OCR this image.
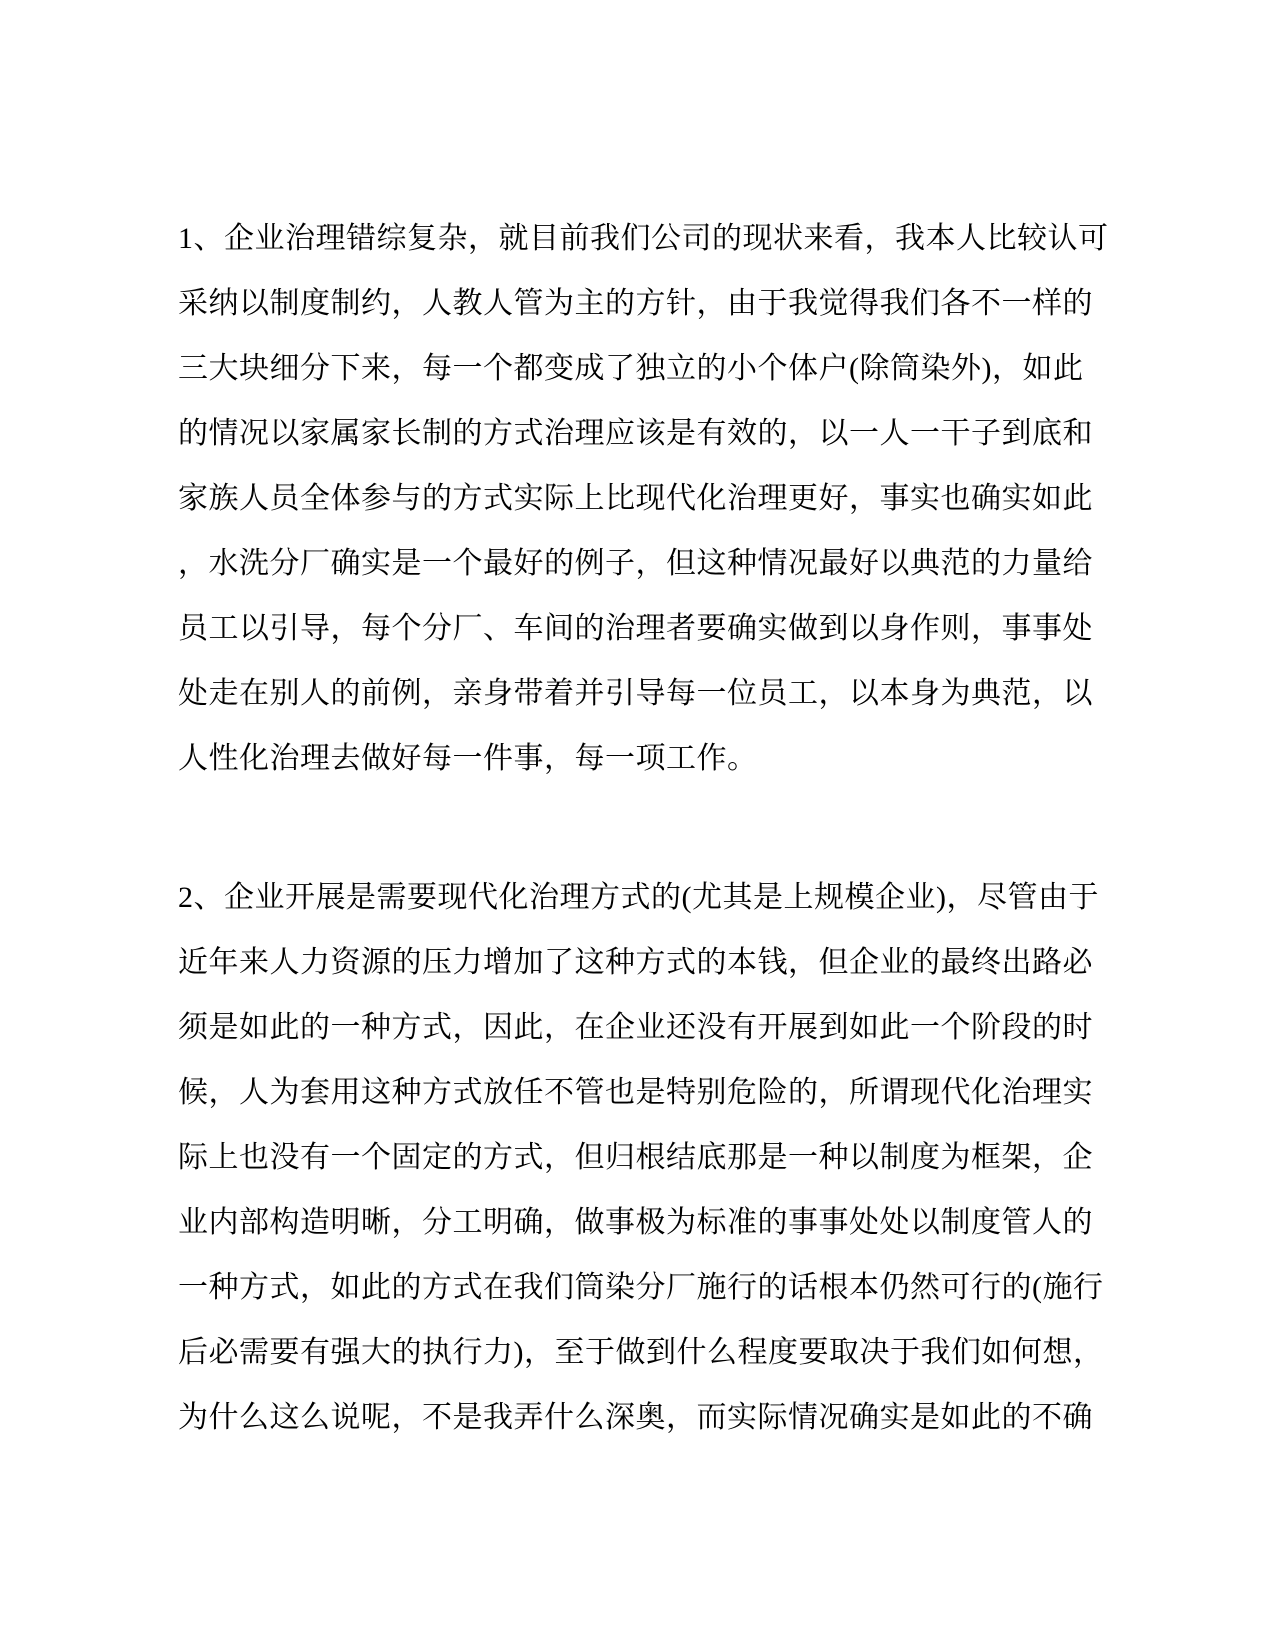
1、企业治理错综复杂，就目前我们公司的现状来看，我本人比较认可
采纳以制度制约，人教人管为主的方针，由于我觉得我们各不一样的
三大块细分下来，每一个都变成了独立的小个体户(除筒染外)，如此
的情况以家属家长制的方式治理应该是有效的，以一人一干子到底和
家族人员全体参与的方式实际上比现代化治理更好，事实也确实如此
，水洗分厂确实是一个最好的例子，但这种情况最好以典范的力量给
员工以引导，每个分厂、车间的治理者要确实做到以身作则，事事处
处走在别人的前例，亲身带着并引导每一位员工，以本身为典范，以
人性化治理去做好每一件事，每一项工作。
2、企业开展是需要现代化治理方式的(尤其是上规模企业)，尽管由于
近年来人力资源的压力增加了这种方式的本钱，但企业的最终出路必
须是如此的一种方式，因此，在企业还没有开展到如此一个阶段的时
候，人为套用这种方式放任不管也是特别危险的，所谓现代化治理实
际上也没有一个固定的方式，但归根结底那是一种以制度为框架，企
业内部构造明晰，分工明确，做事极为标准的事事处处以制度管人的
一种方式，如此的方式在我们筒染分厂施行的话根本仍然可行的(施行
后必需要有强大的执行力)，至于做到什么程度要取决于我们如何想，
为什么这么说呢，不是我弄什么深奥，而实际情况确实是如此的不确
